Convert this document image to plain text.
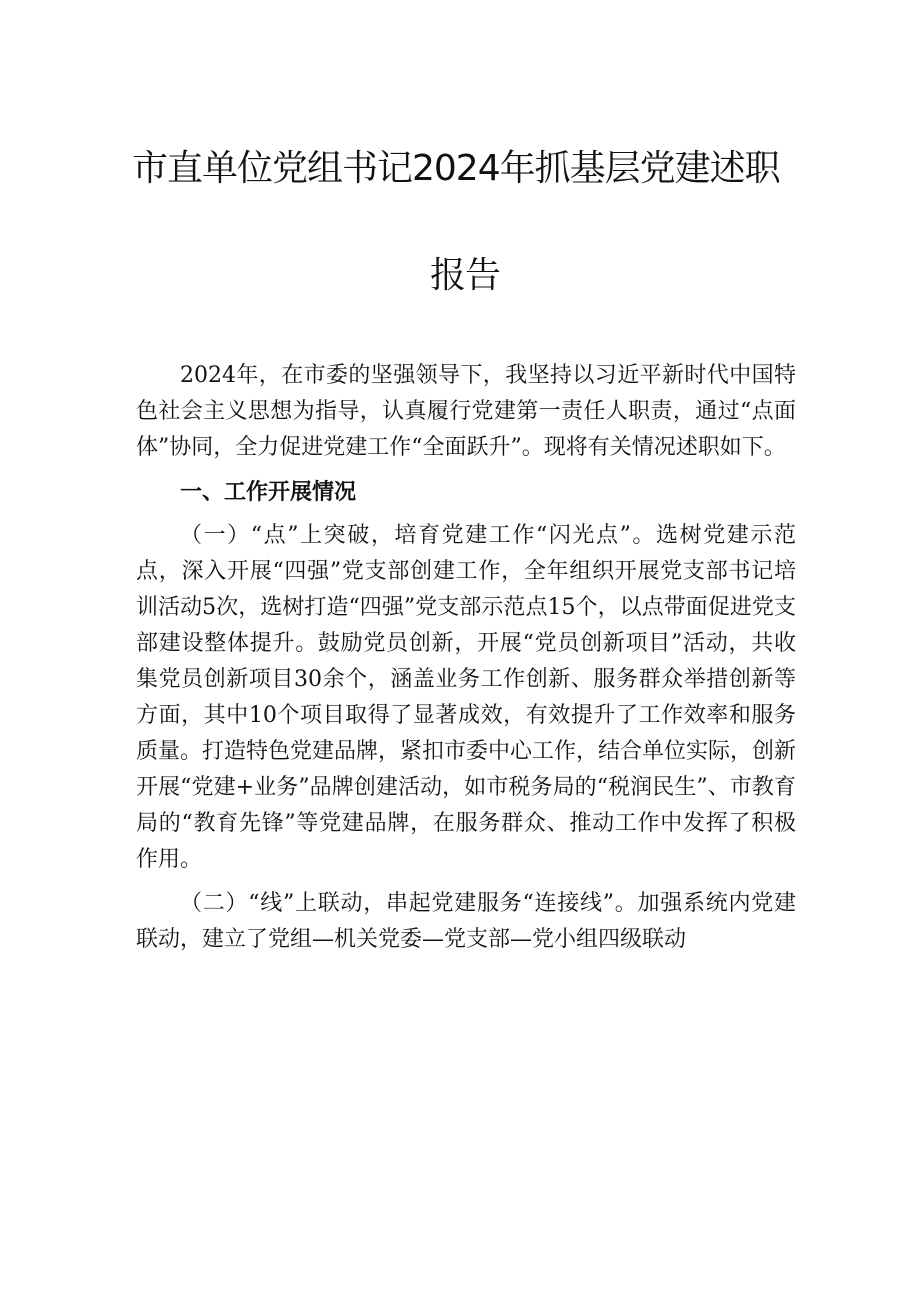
市直单位党组书记2024年抓基层党建述职
报告

2024年，在市委的坚强领导下，我坚持以习近平新时代中国特色社会主义思想为指导，认真履行党建第一责任人职责，通过“点面体”协同，全力促进党建工作“全面跃升”。现将有关情况述职如下。

一、工作开展情况

（一）“点”上突破，培育党建工作“闪光点”。选树党建示范点，深入开展“四强”党支部创建工作，全年组织开展党支部书记培训活动5次，选树打造“四强”党支部示范点15个，以点带面促进党支部建设整体提升。鼓励党员创新，开展“党员创新项目”活动，共收集党员创新项目30余个，涵盖业务工作创新、服务群众举措创新等方面，其中10个项目取得了显著成效，有效提升了工作效率和服务质量。打造特色党建品牌，紧扣市委中心工作，结合单位实际，创新开展“党建+业务”品牌创建活动，如市税务局的“税润民生”、市教育局的“教育先锋”等党建品牌，在服务群众、推动工作中发挥了积极作用。

（二）“线”上联动，串起党建服务“连接线”。加强系统内党建联动，建立了党组—机关党委—党支部—党小组四级联动
